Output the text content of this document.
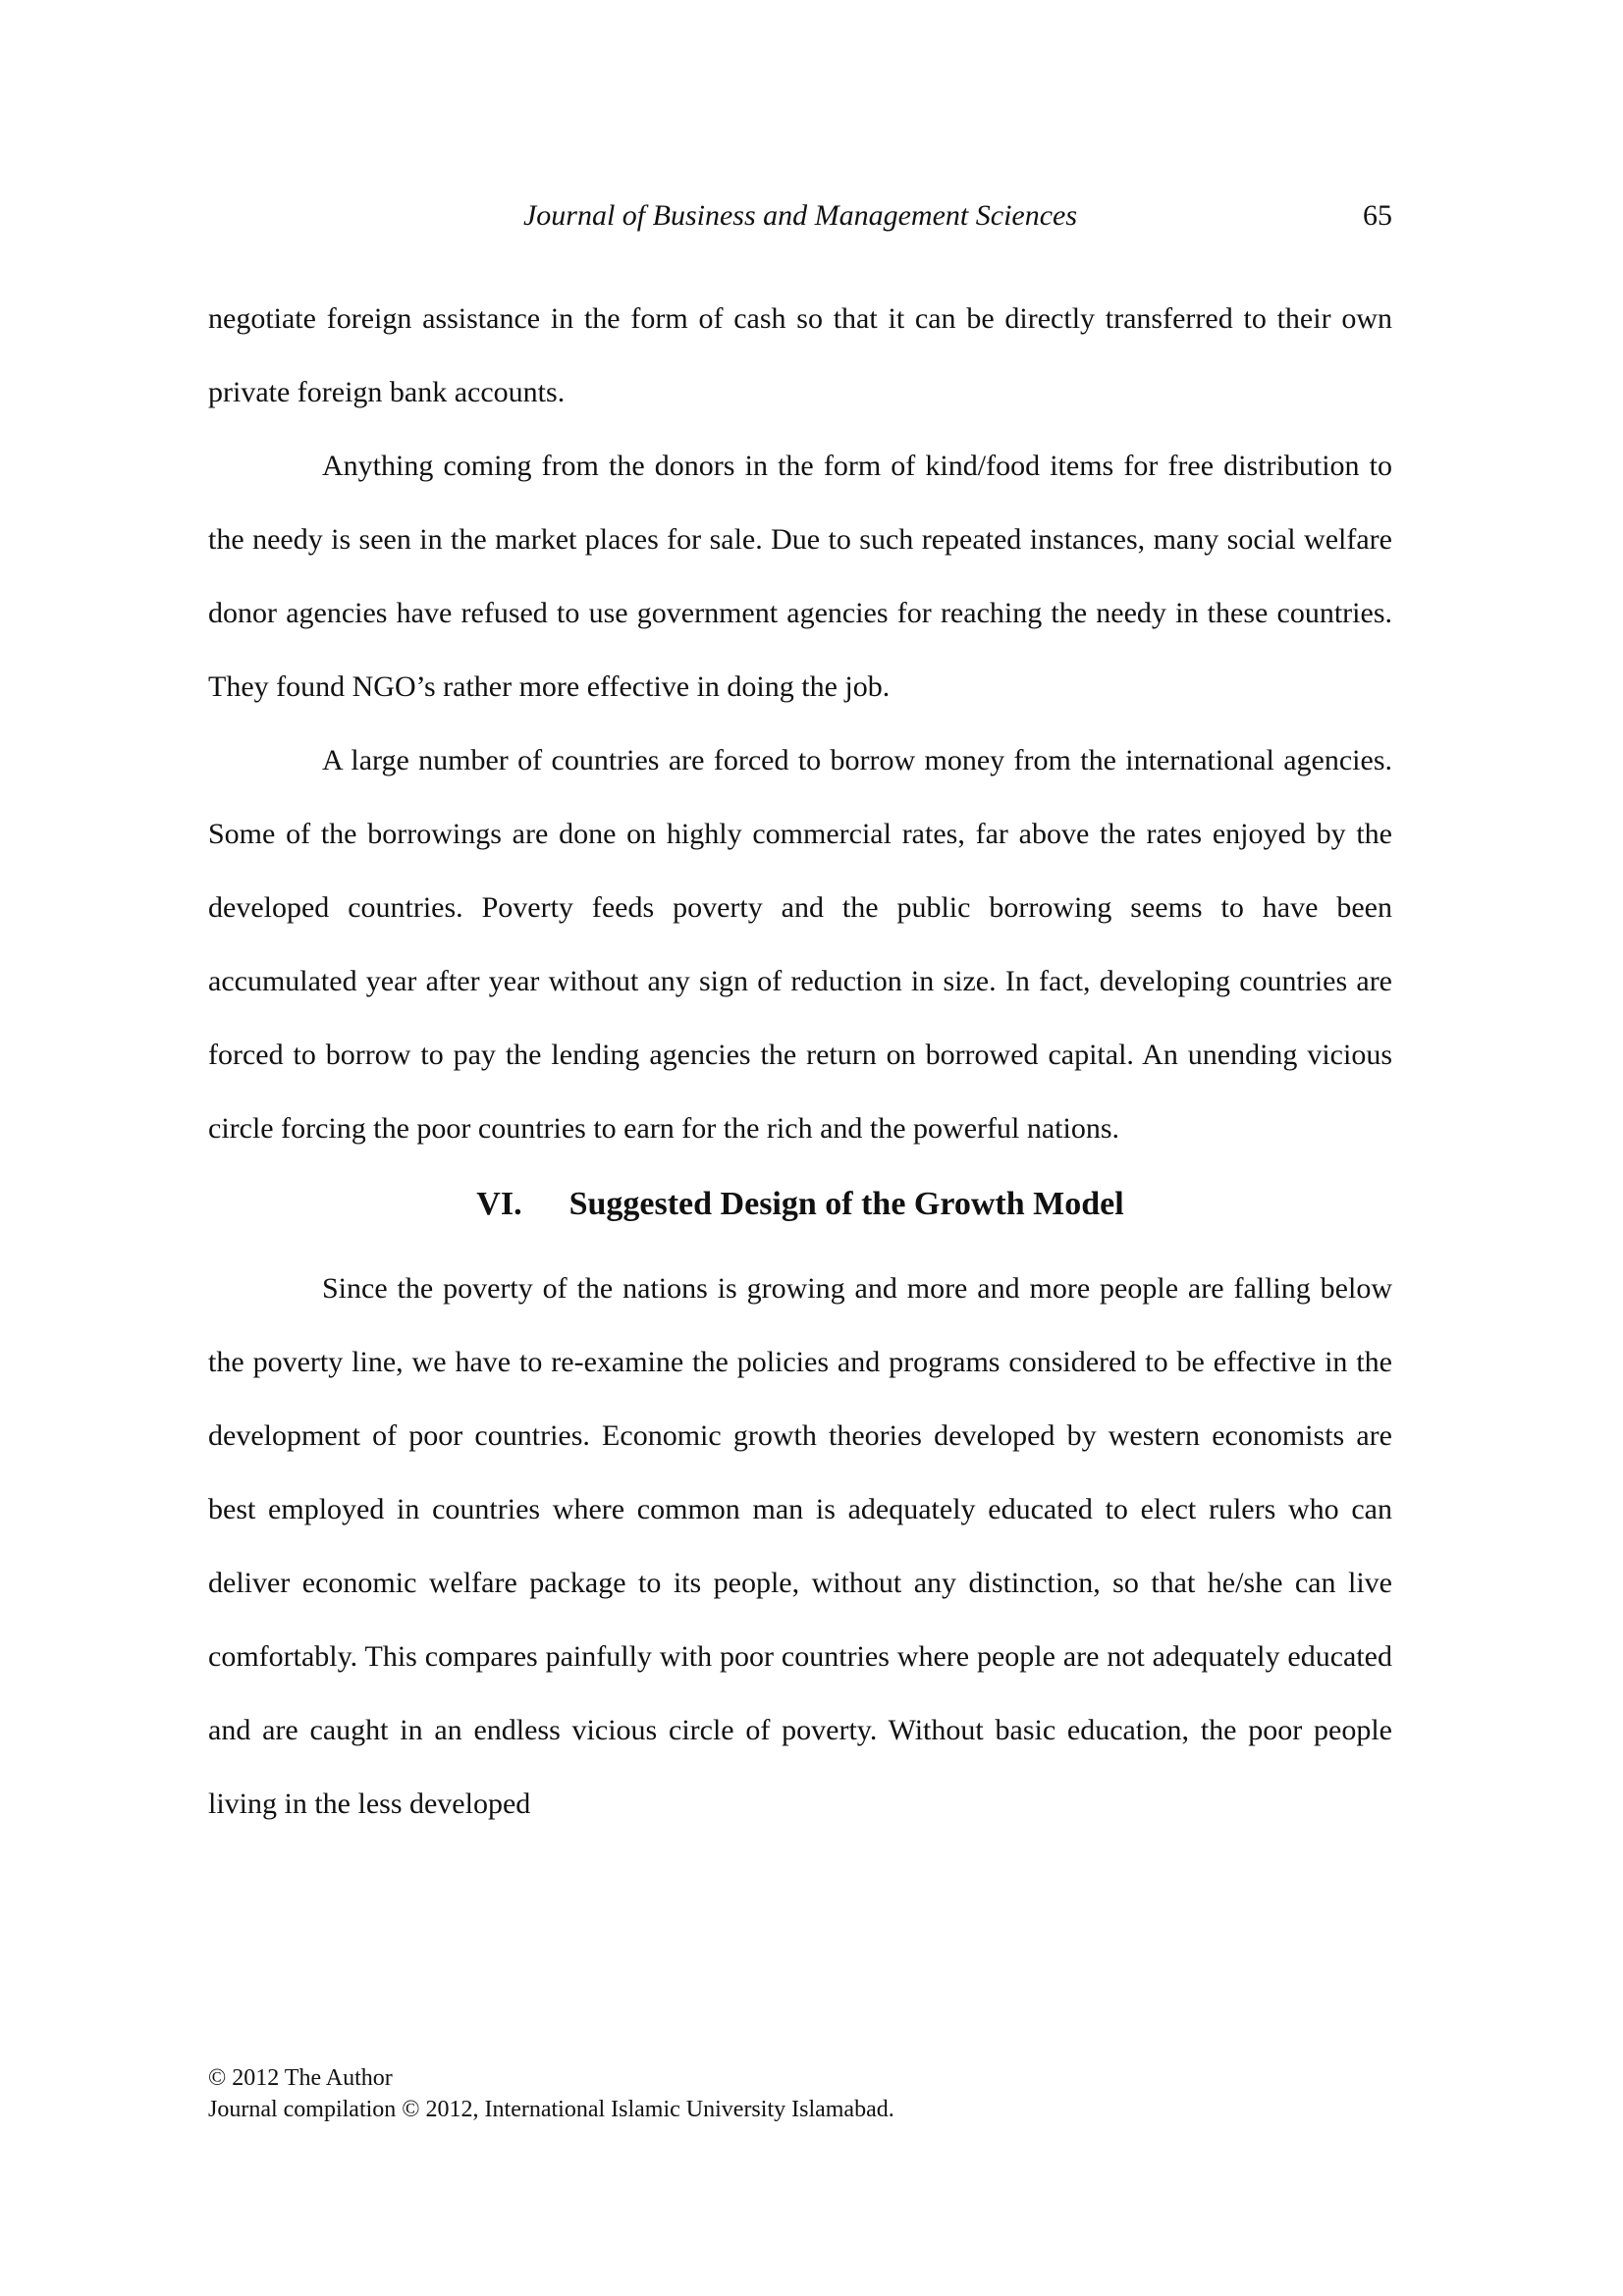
Journal of Business and Management Sciences	65

negotiate foreign assistance in the form of cash so that it can be directly transferred to their own private foreign bank accounts.

Anything coming from the donors in the form of kind/food items for free distribution to the needy is seen in the market places for sale. Due to such repeated instances, many social welfare donor agencies have refused to use government agencies for reaching the needy in these countries. They found NGO’s rather more effective in doing the job.

A large number of countries are forced to borrow money from the international agencies. Some of the borrowings are done on highly commercial rates, far above the rates enjoyed by the developed countries. Poverty feeds poverty and the public borrowing seems to have been accumulated year after year without any sign of reduction in size. In fact, developing countries are forced to borrow to pay the lending agencies the return on borrowed capital. An unending vicious circle forcing the poor countries to earn for the rich and the powerful nations.

VI. Suggested Design of the Growth Model

Since the poverty of the nations is growing and more and more people are falling below the poverty line, we have to re-examine the policies and programs considered to be effective in the development of poor countries. Economic growth theories developed by western economists are best employed in countries where common man is adequately educated to elect rulers who can deliver economic welfare package to its people, without any distinction, so that he/she can live comfortably. This compares painfully with poor countries where people are not adequately educated and are caught in an endless vicious circle of poverty. Without basic education, the poor people living in the less developed

© 2012 The Author
Journal compilation © 2012, International Islamic University Islamabad.
